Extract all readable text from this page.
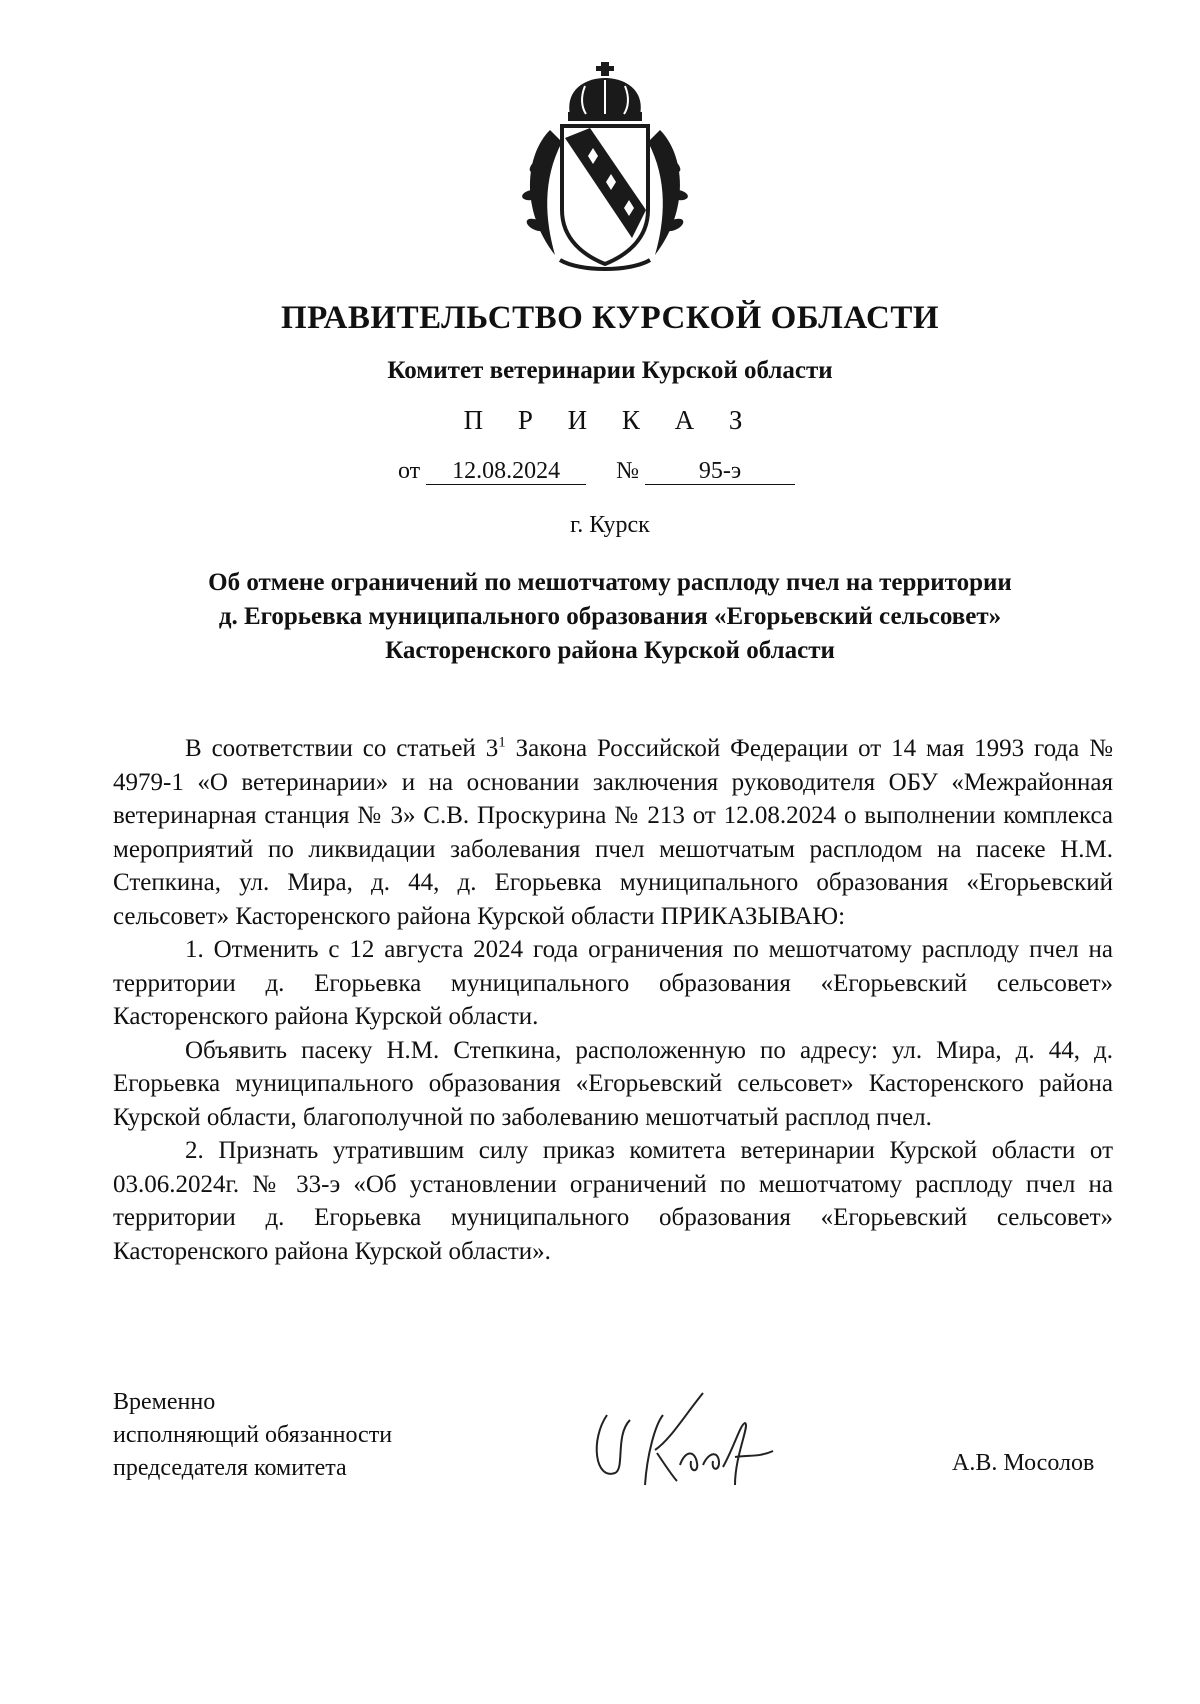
ПРАВИТЕЛЬСТВО КУРСКОЙ ОБЛАСТИ
Комитет ветеринарии Курской области
П Р И К А З
от 12.08.2024 № 95-э
г. Курск
Об отмене ограничений по мешотчатому расплоду пчел на территории
д. Егорьевка муниципального образования «Егорьевский сельсовет»
Касторенского района Курской области

В соответствии со статьей $3^1$ Закона Российской Федерации от 14 мая 1993 года № 4979-1 «О ветеринарии» и на основании заключения руководителя ОБУ «Межрайонная ветеринарная станция № 3» С.В. Проскурина № 213 от 12.08.2024 о выполнении комплекса мероприятий по ликвидации заболевания пчел мешотчатым расплодом на пасеке Н.М. Степкина, ул. Мира, д. 44, д. Егорьевка муниципального образования «Егорьевский сельсовет» Касторенского района Курской области ПРИКАЗЫВАЮ:

1. Отменить с 12 августа 2024 года ограничения по мешотчатому расплоду пчел на территории д. Егорьевка муниципального образования «Егорьевский сельсовет» Касторенского района Курской области.

Объявить пасеку Н.М. Степкина, расположенную по адресу: ул. Мира, д. 44, д. Егорьевка муниципального образования «Егорьевский сельсовет» Касторенского района Курской области, благополучной по заболеванию мешотчатый расплод пчел.

2. Признать утратившим силу приказ комитета ветеринарии Курской области от 03.06.2024г. № 33-э «Об установлении ограничений по мешотчатому расплоду пчел на территории д. Егорьевка муниципального образования «Егорьевский сельсовет» Касторенского района Курской области».

Временно
исполняющий обязанности
председателя комитета	А.В. Мосолов
